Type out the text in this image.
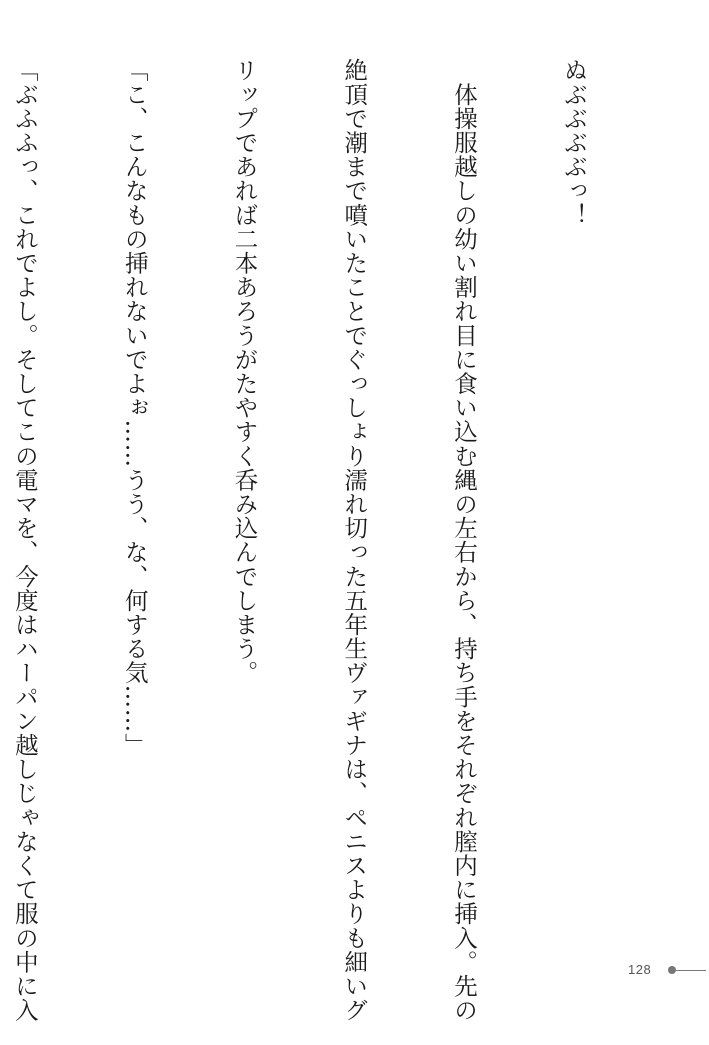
ぬぶぶぶぶっ！

　体操服越しの幼い割れ目に食い込む縄の左右から、持ち手をそれぞれ膣内に挿入。先の

絶頂で潮まで噴いたことでぐっしょり濡れ切った五年生ヴァギナは、ペニスよりも細いグ

リップであれば二本あろうがたやすく呑み込んでしまう。

「こ、こんなもの挿れないでよぉ……うう、な、何する気……」

「ぶふふっ、これでよし。そしてこの電マを、今度はハーパン越しじゃなくて服の中に入

	128
